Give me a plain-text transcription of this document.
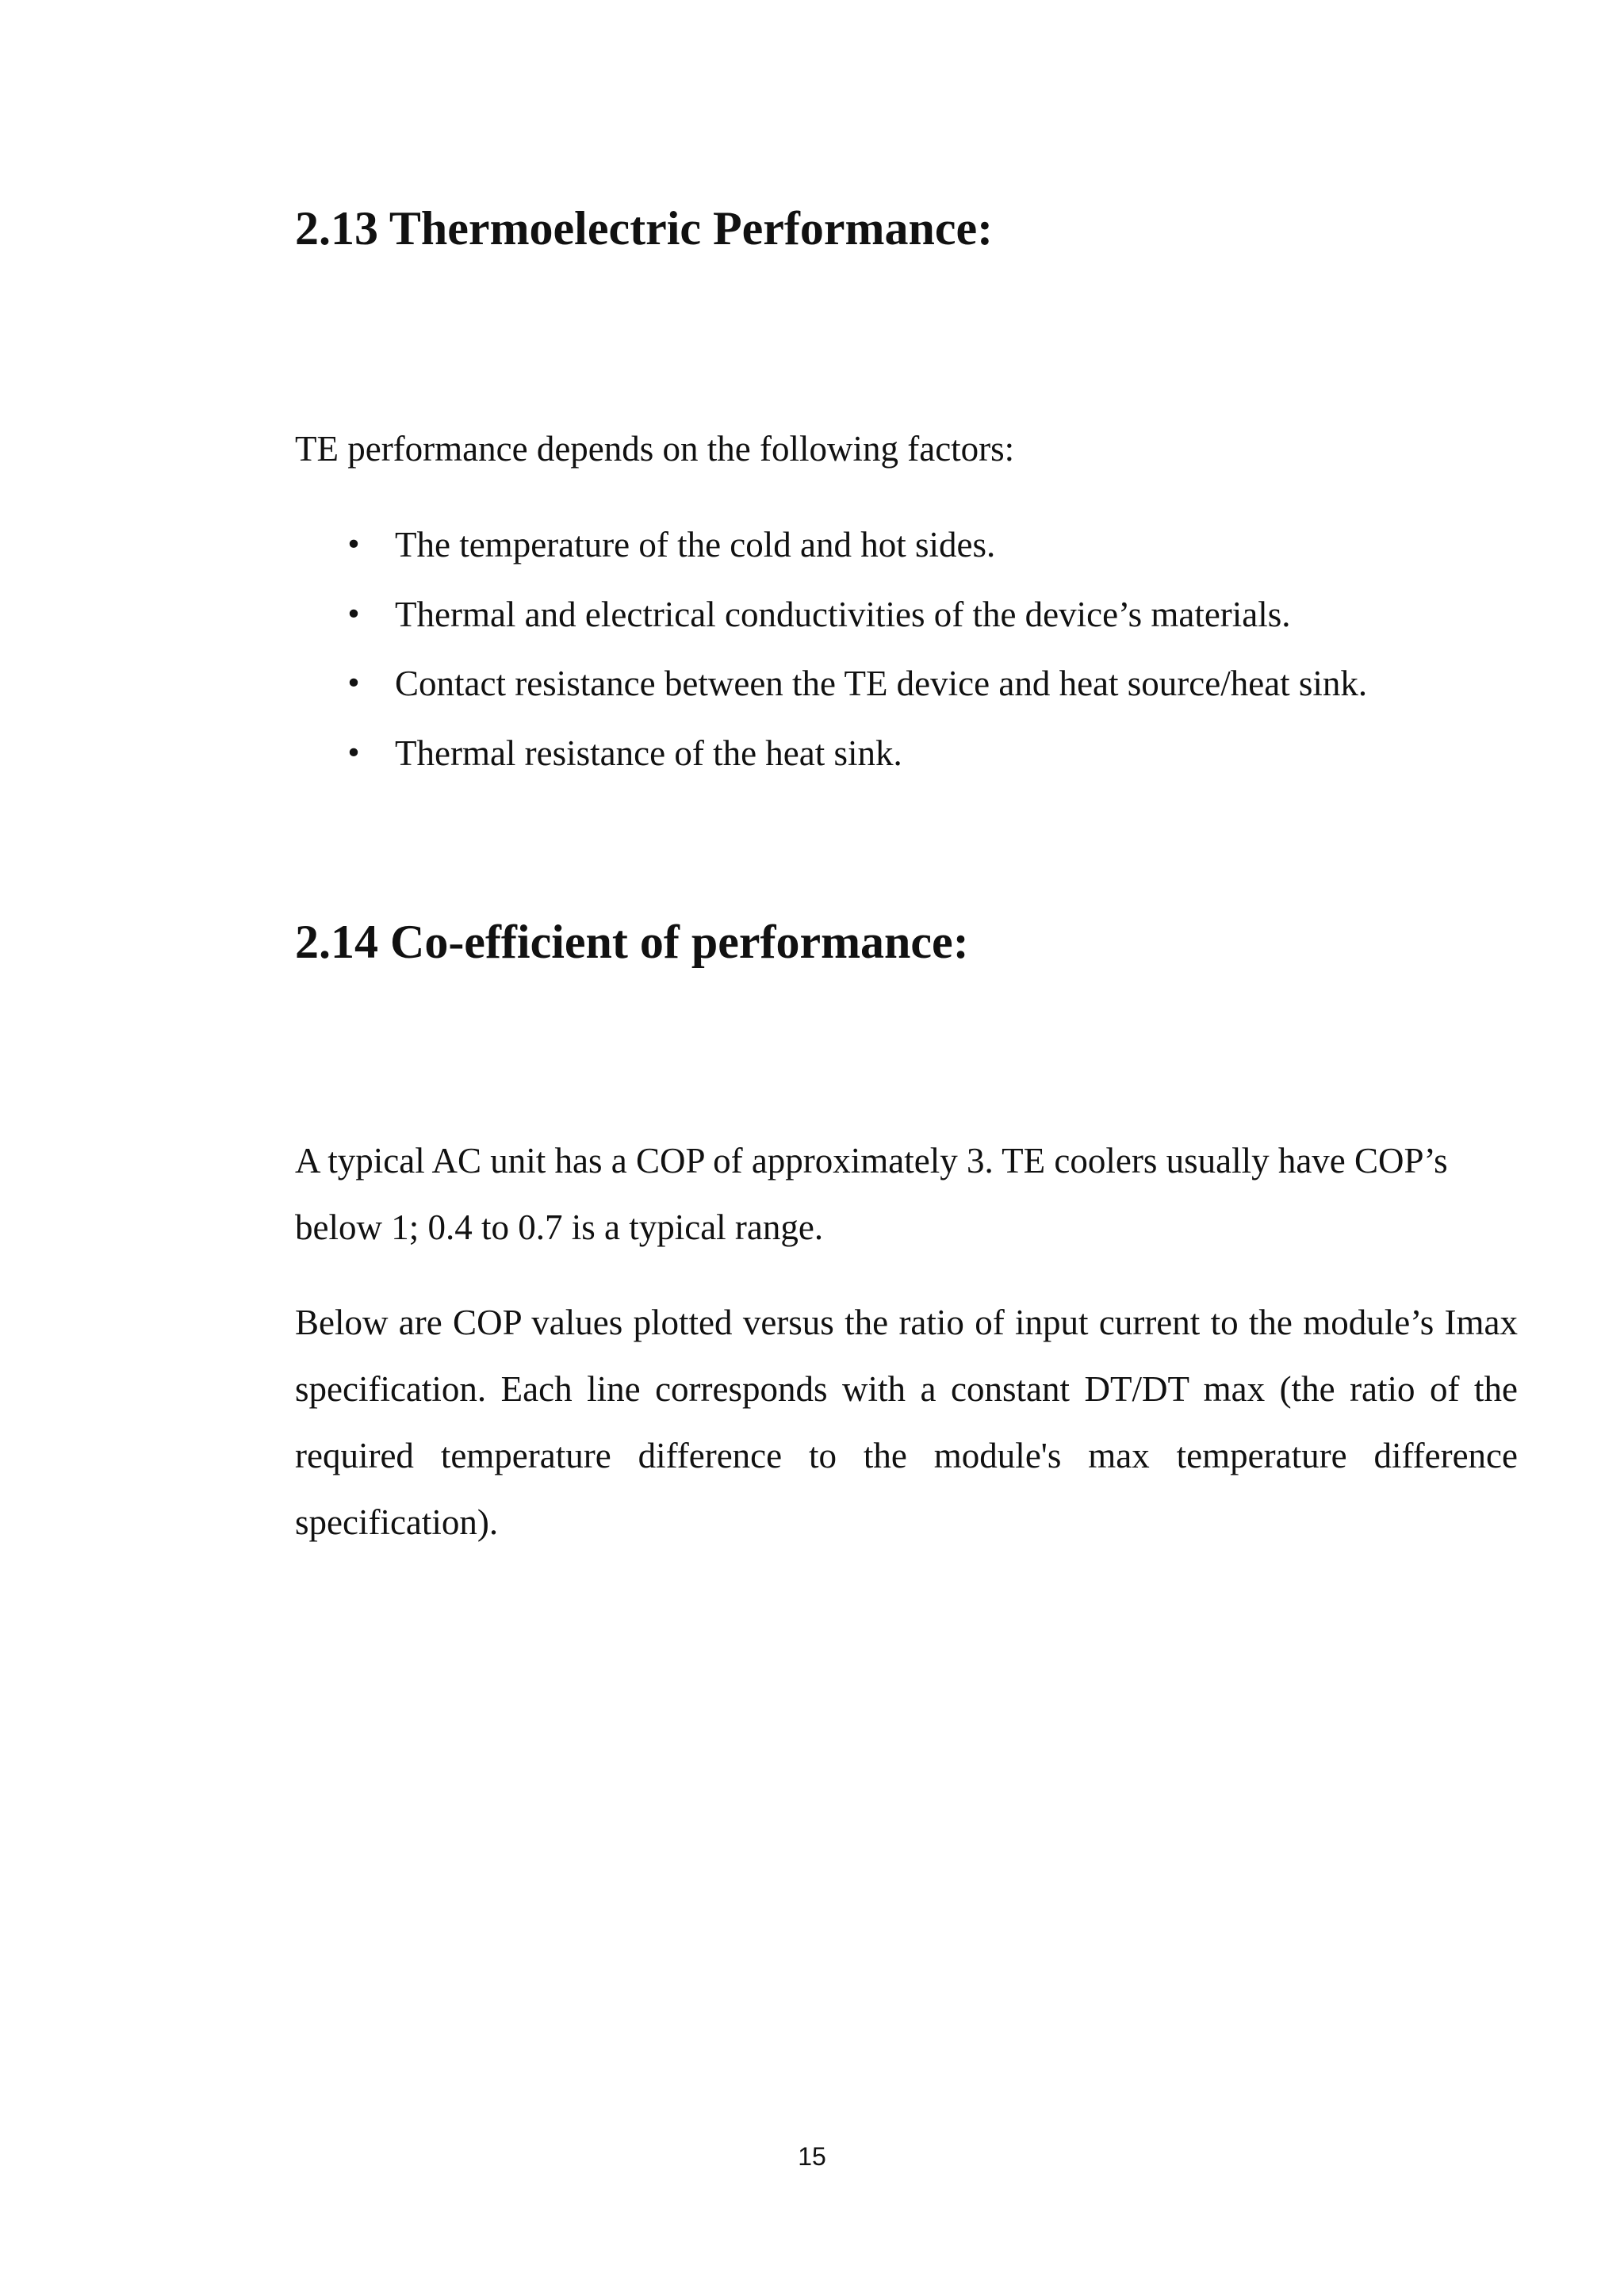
2.13 Thermoelectric Performance:

TE performance depends on the following factors:

• The temperature of the cold and hot sides.
• Thermal and electrical conductivities of the device’s materials.
• Contact resistance between the TE device and heat source/heat sink.
• Thermal resistance of the heat sink.
2.14 Co-efficient of performance:

A typical AC unit has a COP of approximately 3. TE coolers usually have COP’s below 1; 0.4 to 0.7 is a typical range.

Below are COP values plotted versus the ratio of input current to the module’s Imax specification. Each line corresponds with a constant DT/DT max (the ratio of the required temperature difference to the module's max temperature difference specification).

15
